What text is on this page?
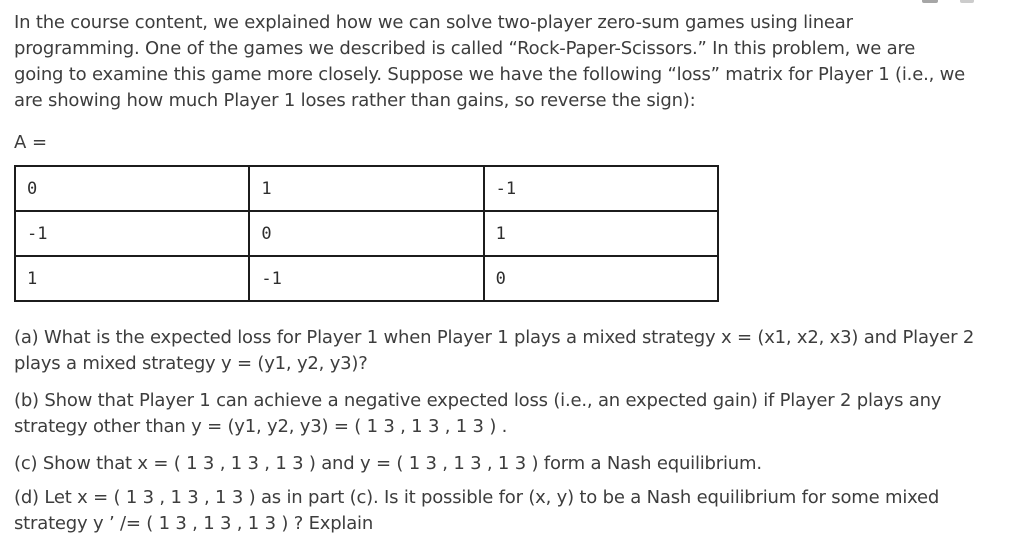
In the course content, we explained how we can solve two-player zero-sum games using linear
programming. One of the games we described is called “Rock-Paper-Scissors.” In this problem, we are
going to examine this game more closely. Suppose we have the following “loss” matrix for Player 1 (i.e., we
are showing how much Player 1 loses rather than gains, so reverse the sign):
A =
0	1	-1
-1	0	1
1	-1	0
(a) What is the expected loss for Player 1 when Player 1 plays a mixed strategy x = (x1, x2, x3) and Player 2
plays a mixed strategy y = (y1, y2, y3)?
(b) Show that Player 1 can achieve a negative expected loss (i.e., an expected gain) if Player 2 plays any
strategy other than y = (y1, y2, y3) = ( 1 3 , 1 3 , 1 3 ) .
(c) Show that x = ( 1 3 , 1 3 , 1 3 ) and y = ( 1 3 , 1 3 , 1 3 ) form a Nash equilibrium.
(d) Let x = ( 1 3 , 1 3 , 1 3 ) as in part (c). Is it possible for (x, y) to be a Nash equilibrium for some mixed
strategy y ’ /= ( 1 3 , 1 3 , 1 3 ) ? Explain
